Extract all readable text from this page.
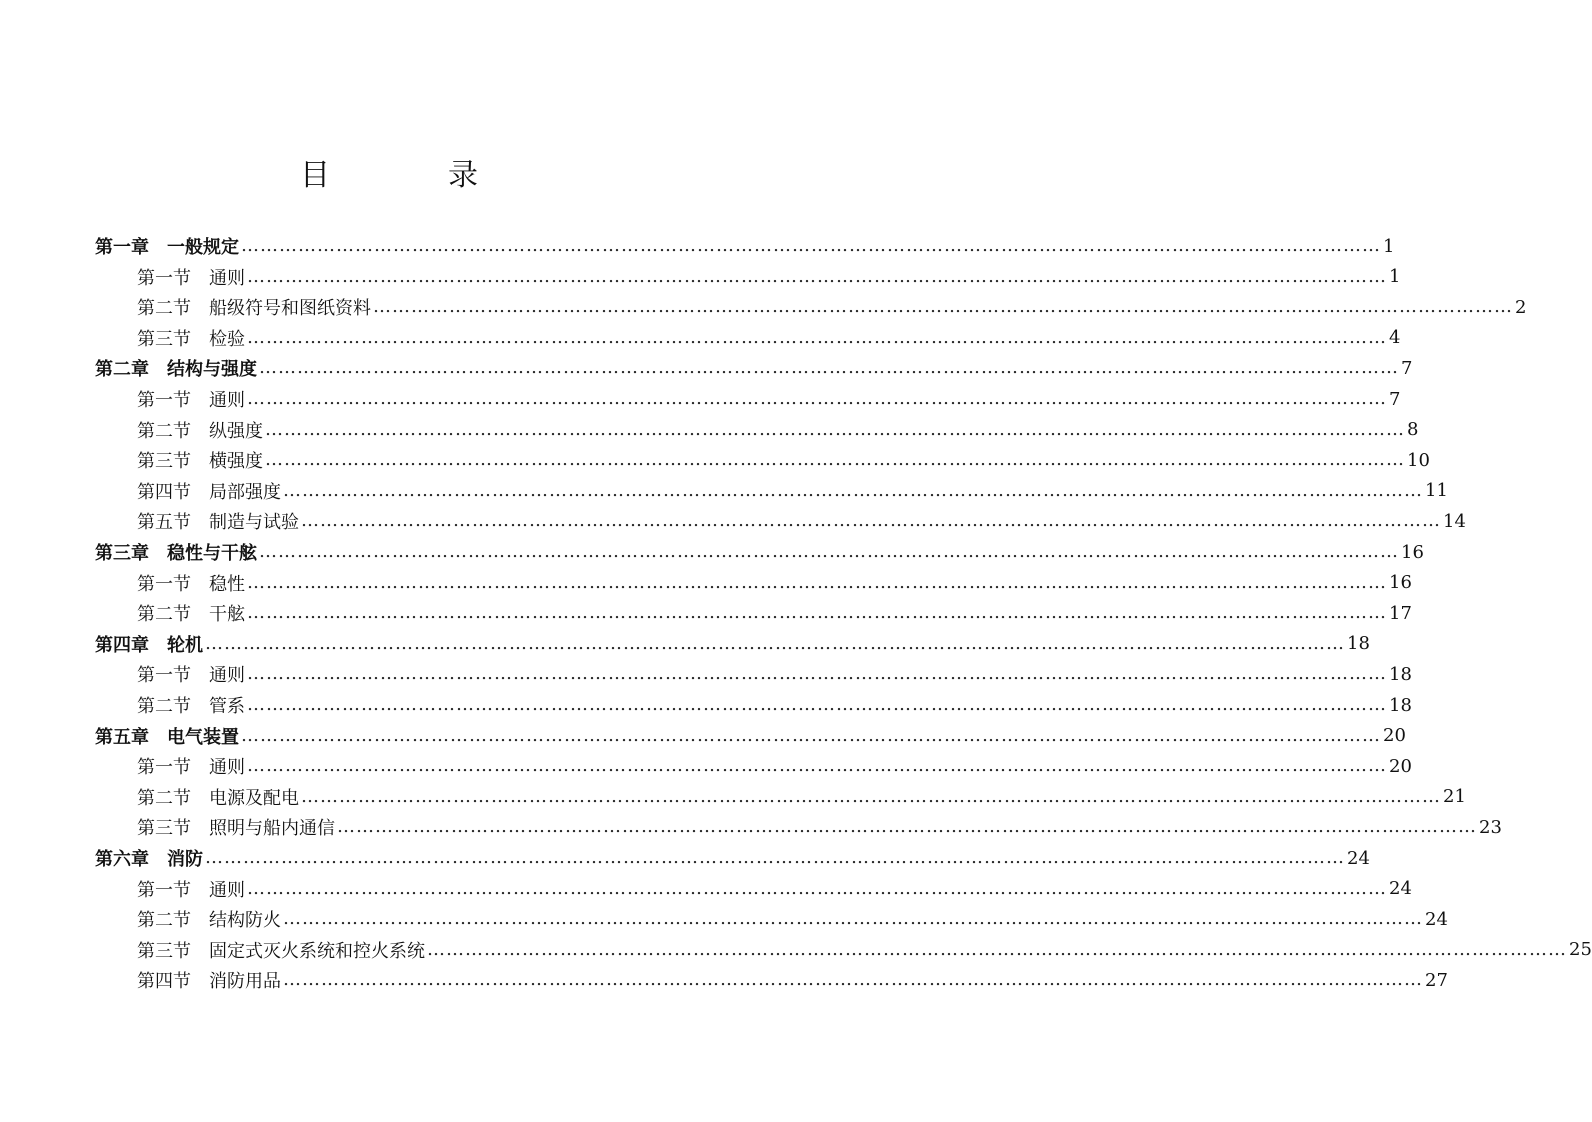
目　录
第一章 一般规定 ……………………………………………………………………………………………………………………………………………………………… 1
第一节 通则 ……………………………………………………………………………………………………………………………………………………………… 1
第二节 船级符号和图纸资料 ……………………………………………………………………………………………………………………………………………………………… 2
第三节 检验 ……………………………………………………………………………………………………………………………………………………………… 4
第二章 结构与强度 ……………………………………………………………………………………………………………………………………………………………… 7
第一节 通则 ……………………………………………………………………………………………………………………………………………………………… 7
第二节 纵强度 ……………………………………………………………………………………………………………………………………………………………… 8
第三节 横强度 ……………………………………………………………………………………………………………………………………………………………… 10
第四节 局部强度 ……………………………………………………………………………………………………………………………………………………………… 11
第五节 制造与试验 ……………………………………………………………………………………………………………………………………………………………… 14
第三章 稳性与干舷 ……………………………………………………………………………………………………………………………………………………………… 16
第一节 稳性 ……………………………………………………………………………………………………………………………………………………………… 16
第二节 干舷 ……………………………………………………………………………………………………………………………………………………………… 17
第四章 轮机 ……………………………………………………………………………………………………………………………………………………………… 18
第一节 通则 ……………………………………………………………………………………………………………………………………………………………… 18
第二节 管系 ……………………………………………………………………………………………………………………………………………………………… 18
第五章 电气装置 ……………………………………………………………………………………………………………………………………………………………… 20
第一节 通则 ……………………………………………………………………………………………………………………………………………………………… 20
第二节 电源及配电 ……………………………………………………………………………………………………………………………………………………………… 21
第三节 照明与船内通信 ……………………………………………………………………………………………………………………………………………………………… 23
第六章 消防 ……………………………………………………………………………………………………………………………………………………………… 24
第一节 通则 ……………………………………………………………………………………………………………………………………………………………… 24
第二节 结构防火 ……………………………………………………………………………………………………………………………………………………………… 24
第三节 固定式灭火系统和控火系统 ……………………………………………………………………………………………………………………………………………………………… 25
第四节 消防用品 ……………………………………………………………………………………………………………………………………………………………… 27
